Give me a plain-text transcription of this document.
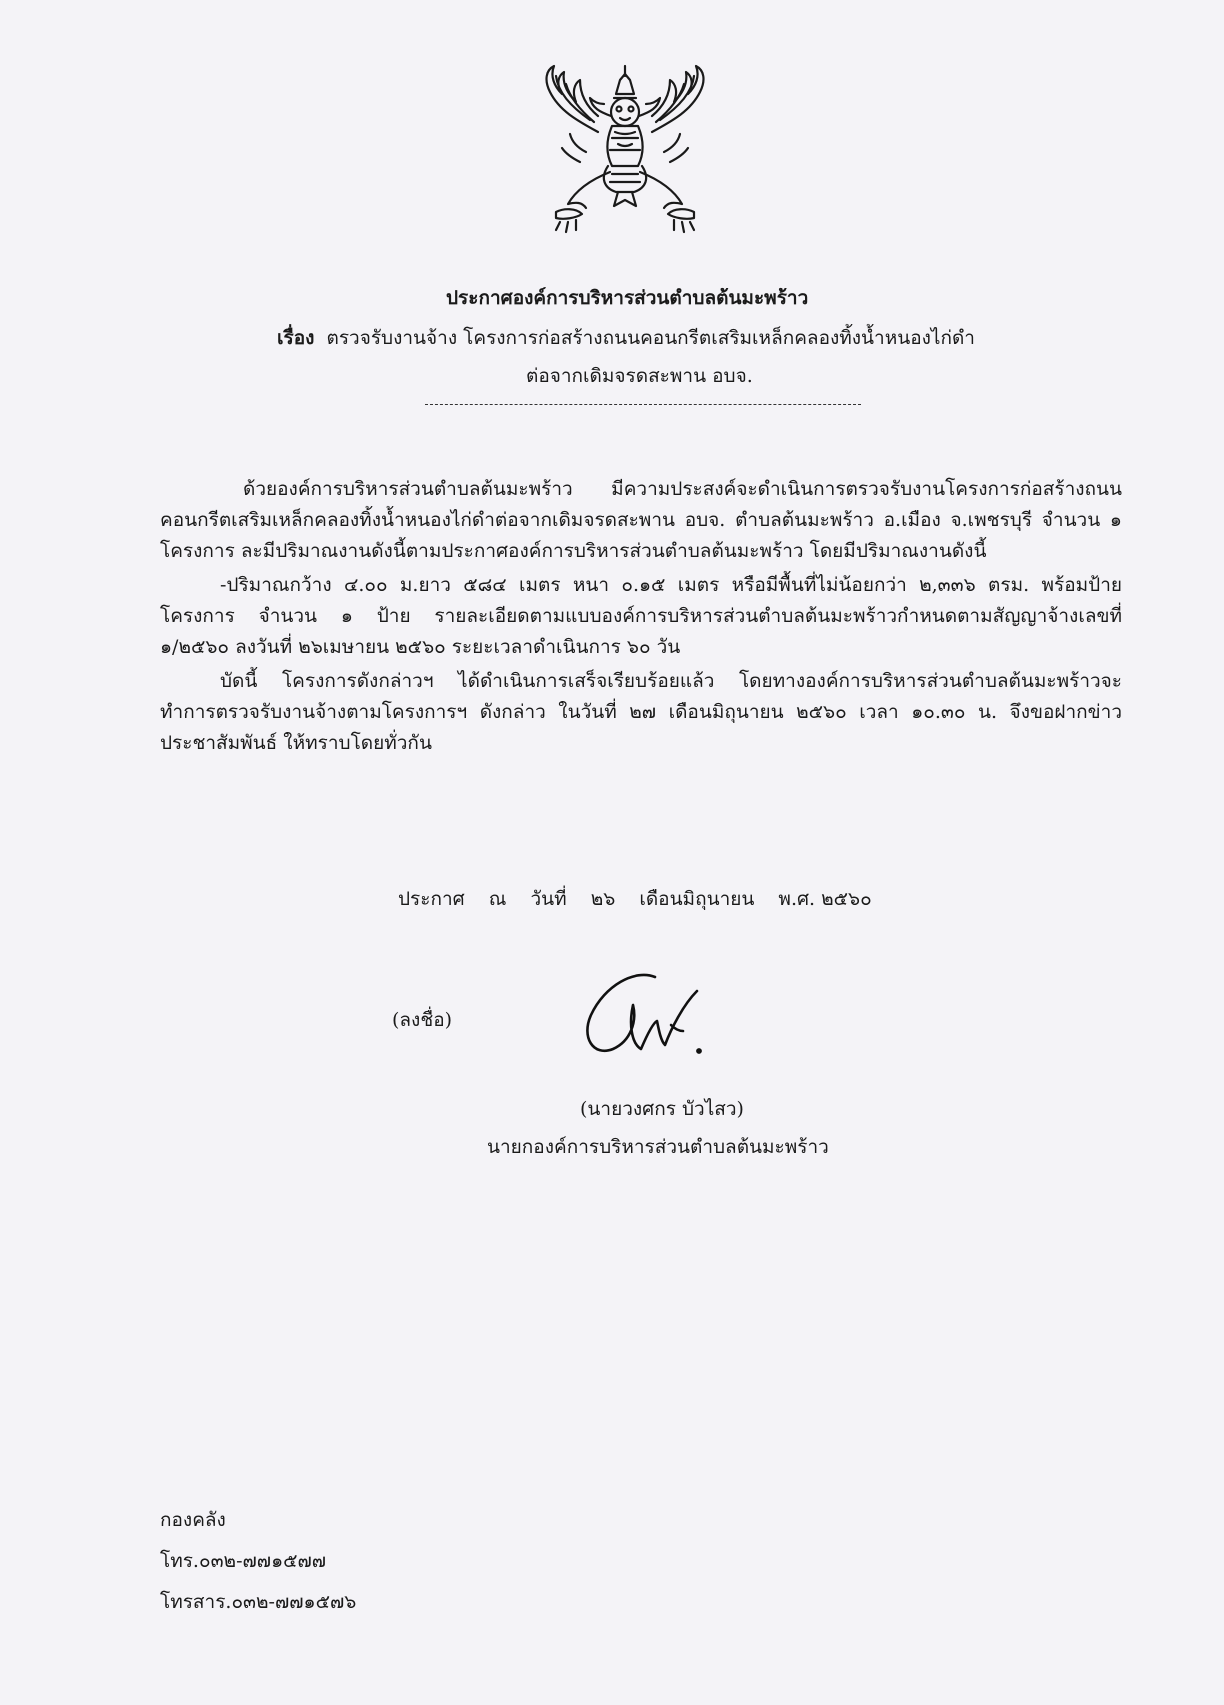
ประกาศองค์การบริหารส่วนตำบลต้นมะพร้าว
เรื่อง ตรวจรับงานจ้าง โครงการก่อสร้างถนนคอนกรีตเสริมเหล็กคลองทิ้งน้ำหนองไก่ดำ
ต่อจากเดิมจรดสะพาน อบจ.

ด้วยองค์การบริหารส่วนตำบลต้นมะพร้าว มีความประสงค์จะดำเนินการตรวจรับงานโครงการก่อสร้างถนนคอนกรีตเสริมเหล็กคลองทิ้งน้ำหนองไก่ดำต่อจากเดิมจรดสะพาน อบจ. ตำบลต้นมะพร้าว อ.เมือง จ.เพชรบุรี จำนวน ๑ โครงการ ละมีปริมาณงานดังนี้ตามประกาศองค์การบริหารส่วนตำบลต้นมะพร้าว โดยมีปริมาณงานดังนี้

-ปริมาณกว้าง ๔.๐๐ ม.ยาว ๕๘๔ เมตร หนา ๐.๑๕ เมตร หรือมีพื้นที่ไม่น้อยกว่า ๒,๓๓๖ ตรม. พร้อมป้ายโครงการ จำนวน ๑ ป้าย รายละเอียดตามแบบองค์การบริหารส่วนตำบลต้นมะพร้าวกำหนดตามสัญญาจ้างเลขที่ ๑/๒๕๖๐ ลงวันที่ ๒๖เมษายน ๒๕๖๐ ระยะเวลาดำเนินการ ๖๐ วัน

บัดนี้ โครงการดังกล่าวฯ ได้ดำเนินการเสร็จเรียบร้อยแล้ว โดยทางองค์การบริหารส่วนตำบลต้นมะพร้าวจะทำการตรวจรับงานจ้างตามโครงการฯ ดังกล่าว ในวันที่ ๒๗ เดือนมิถุนายน ๒๕๖๐ เวลา ๑๐.๓๐ น. จึงขอฝากข่าวประชาสัมพันธ์ ให้ทราบโดยทั่วกัน

ประกาศ ณ วันที่ ๒๖ เดือนมิถุนายน พ.ศ. ๒๕๖๐
(ลงชื่อ)
(นายวงศกร บัวไสว)
นายกองค์การบริหารส่วนตำบลต้นมะพร้าว
กองคลัง
โทร.๐๓๒-๗๗๑๕๗๗
โทรสาร.๐๓๒-๗๗๑๕๗๖
